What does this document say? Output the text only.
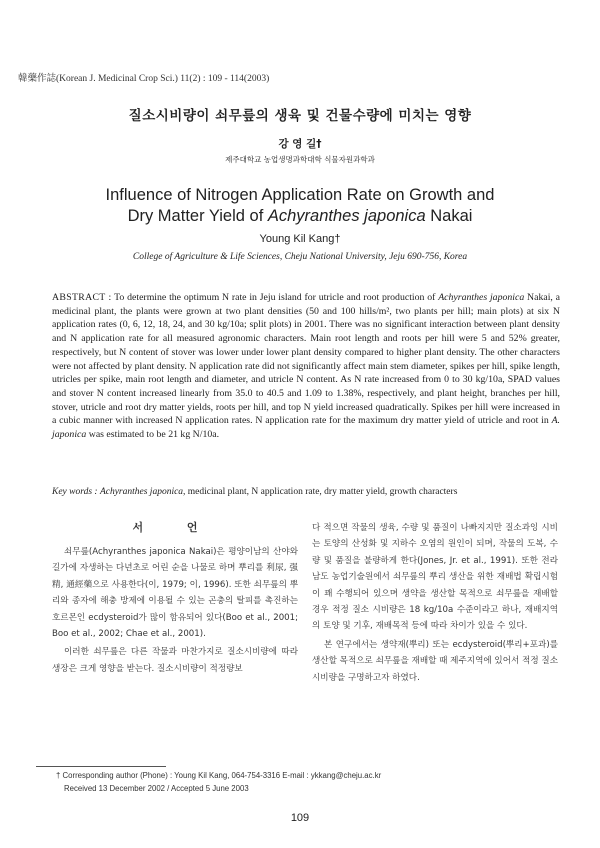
韓藥作誌(Korean J. Medicinal Crop Sci.) 11(2) : 109 - 114(2003)
질소시비량이 쇠무릎의 생육 및 건물수량에 미치는 영향
강 영 길†
제주대학교 농업생명과학대학 식물자원과학과
Influence of Nitrogen Application Rate on Growth and
Dry Matter Yield of Achyranthes japonica Nakai
Young Kil Kang†
College of Agriculture & Life Sciences, Cheju National University, Jeju 690-756, Korea
ABSTRACT : To determine the optimum N rate in Jeju island for utricle and root production of Achyranthes japonica Nakai, a medicinal plant, the plants were grown at two plant densities (50 and 100 hills/m², two plants per hill; main plots) at six N application rates (0, 6, 12, 18, 24, and 30 kg/10a; split plots) in 2001. There was no significant interaction between plant density and N application rate for all measured agronomic characters. Main root length and roots per hill were 5 and 52% greater, respectively, but N content of stover was lower under lower plant density compared to higher plant density. The other characters were not affected by plant density. N application rate did not significantly affect main stem diameter, spikes per hill, spike length, utricles per spike, main root length and diameter, and utricle N content. As N rate increased from 0 to 30 kg/10a, SPAD values and stover N content increased linearly from 35.0 to 40.5 and 1.09 to 1.38%, respectively, and plant height, branches per hill, stover, utricle and root dry matter yields, roots per hill, and top N yield increased quadratically. Spikes per hill were increased in a cubic manner with increased N application rates. N application rate for the maximum dry matter yield of utricle and root in A. japonica was estimated to be 21 kg N/10a.
Key words : Achyranthes japonica, medicinal plant, N application rate, dry matter yield, growth characters
서 언

쇠무릎(Achyranthes japonica Nakai)은 평양이남의 산야와 길가에 자생하는 다년초로 어린 순을 나물로 하며 뿌리를 利尿, 强精, 通經藥으로 사용한다(이, 1979; 이, 1996). 또한 쇠무릎의 뿌리와 종자에 해충 방제에 이용될 수 있는 곤충의 탈피를 촉진하는 호르몬인 ecdysteroid가 많이 함유되어 있다(Boo et al., 2001; Boo et al., 2002; Chae et al., 2001).

이러한 쇠무릎은 다른 작물과 마찬가지로 질소시비량에 따라 생장은 크게 영향을 받는다. 질소시비량이 적정량보

다 적으면 작물의 생육, 수량 및 품질이 나빠지지만 질소과잉 시비는 토양의 산성화 및 지하수 오염의 원인이 되며, 작물의 도복, 수량 및 품질을 불량하게 한다(Jones, Jr. et al., 1991). 또한 전라남도 농업기술원에서 쇠무릎의 뿌리 생산을 위한 재배법 확립시험이 꽤 수행되어 있으며 생약을 생산할 목적으로 쇠무릎을 재배할 경우 적정 질소 시비량은 18 kg/10a 수준이라고 하나, 재배지역의 토양 및 기후, 재배목적 등에 따라 차이가 있을 수 있다.

본 연구에서는 생약재(뿌리) 또는 ecdysteroid(뿌리+포과)를 생산할 목적으로 쇠무릎을 재배할 때 제주지역에 있어서 적정 질소 시비량을 구명하고자 하였다.

† Corresponding author (Phone) : Young Kil Kang, 064-754-3316 E-mail : ykkang@cheju.ac.kr
Received 13 December 2002 / Accepted 5 June 2003
109
